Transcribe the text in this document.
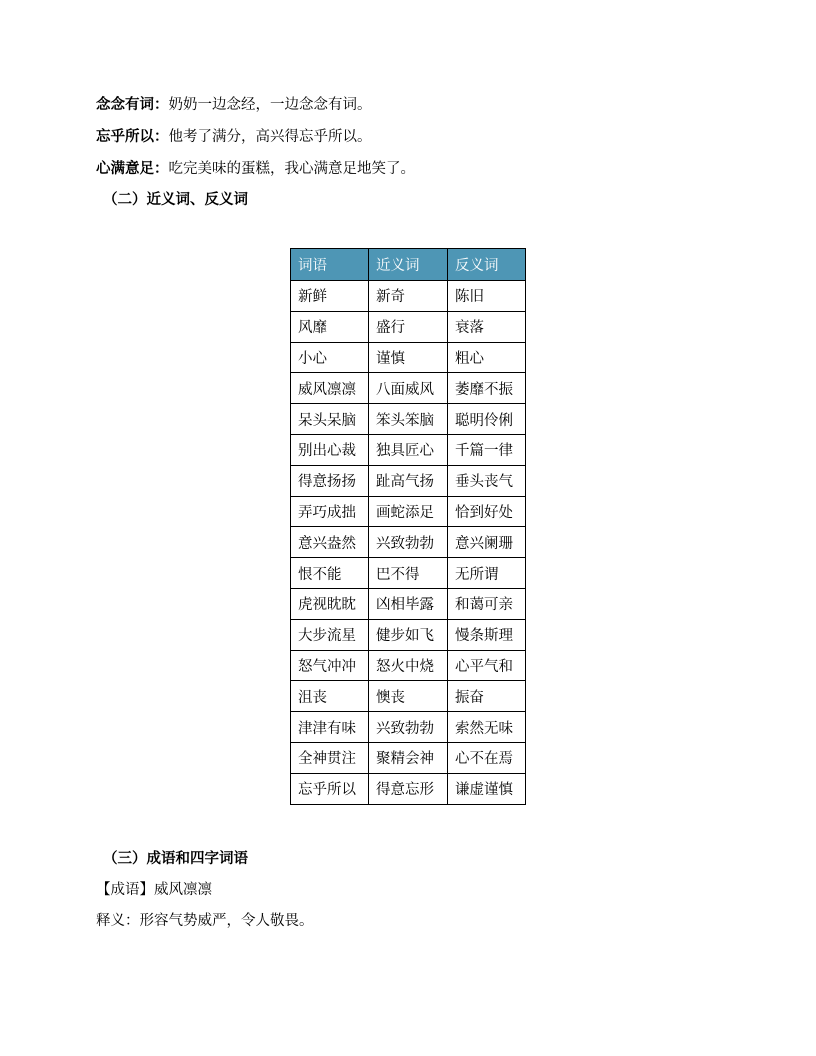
念念有词：奶奶一边念经，一边念念有词。
忘乎所以：他考了满分，高兴得忘乎所以。
心满意足：吃完美味的蛋糕，我心满意足地笑了。
（二）近义词、反义词
词语	近义词	反义词
新鲜	新奇	陈旧
风靡	盛行	衰落
小心	谨慎	粗心
威风凛凛	八面威风	萎靡不振
呆头呆脑	笨头笨脑	聪明伶俐
别出心裁	独具匠心	千篇一律
得意扬扬	趾高气扬	垂头丧气
弄巧成拙	画蛇添足	恰到好处
意兴盎然	兴致勃勃	意兴阑珊
恨不能	巴不得	无所谓
虎视眈眈	凶相毕露	和蔼可亲
大步流星	健步如飞	慢条斯理
怒气冲冲	怒火中烧	心平气和
沮丧	懊丧	振奋
津津有味	兴致勃勃	索然无味
全神贯注	聚精会神	心不在焉
忘乎所以	得意忘形	谦虚谨慎
（三）成语和四字词语
【成语】威风凛凛
释义：形容气势威严，令人敬畏。
